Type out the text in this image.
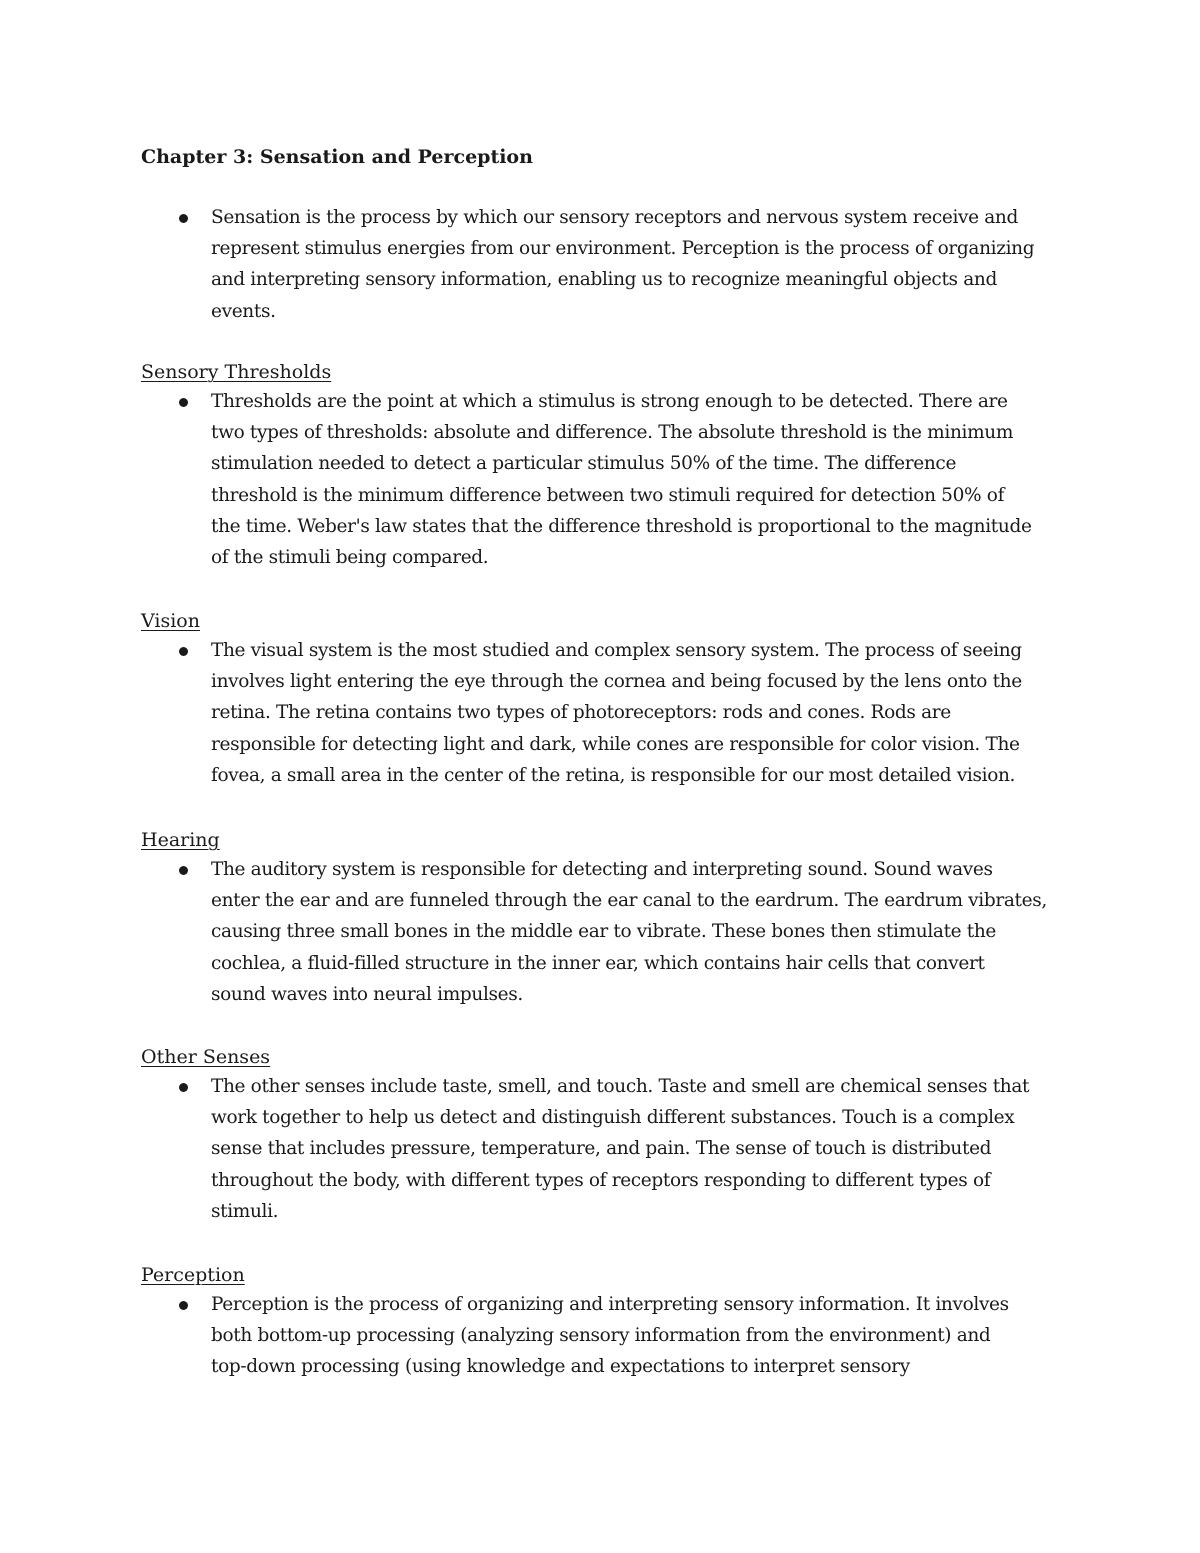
Chapter 3: Sensation and Perception
Sensation is the process by which our sensory receptors and nervous system receive and
represent stimulus energies from our environment. Perception is the process of organizing
and interpreting sensory information, enabling us to recognize meaningful objects and
events.
Sensory Thresholds
Thresholds are the point at which a stimulus is strong enough to be detected. There are
two types of thresholds: absolute and difference. The absolute threshold is the minimum
stimulation needed to detect a particular stimulus 50% of the time. The difference
threshold is the minimum difference between two stimuli required for detection 50% of
the time. Weber's law states that the difference threshold is proportional to the magnitude
of the stimuli being compared.
Vision
The visual system is the most studied and complex sensory system. The process of seeing
involves light entering the eye through the cornea and being focused by the lens onto the
retina. The retina contains two types of photoreceptors: rods and cones. Rods are
responsible for detecting light and dark, while cones are responsible for color vision. The
fovea, a small area in the center of the retina, is responsible for our most detailed vision.
Hearing
The auditory system is responsible for detecting and interpreting sound. Sound waves
enter the ear and are funneled through the ear canal to the eardrum. The eardrum vibrates,
causing three small bones in the middle ear to vibrate. These bones then stimulate the
cochlea, a fluid-filled structure in the inner ear, which contains hair cells that convert
sound waves into neural impulses.
Other Senses
The other senses include taste, smell, and touch. Taste and smell are chemical senses that
work together to help us detect and distinguish different substances. Touch is a complex
sense that includes pressure, temperature, and pain. The sense of touch is distributed
throughout the body, with different types of receptors responding to different types of
stimuli.
Perception
Perception is the process of organizing and interpreting sensory information. It involves
both bottom-up processing (analyzing sensory information from the environment) and
top-down processing (using knowledge and expectations to interpret sensory
